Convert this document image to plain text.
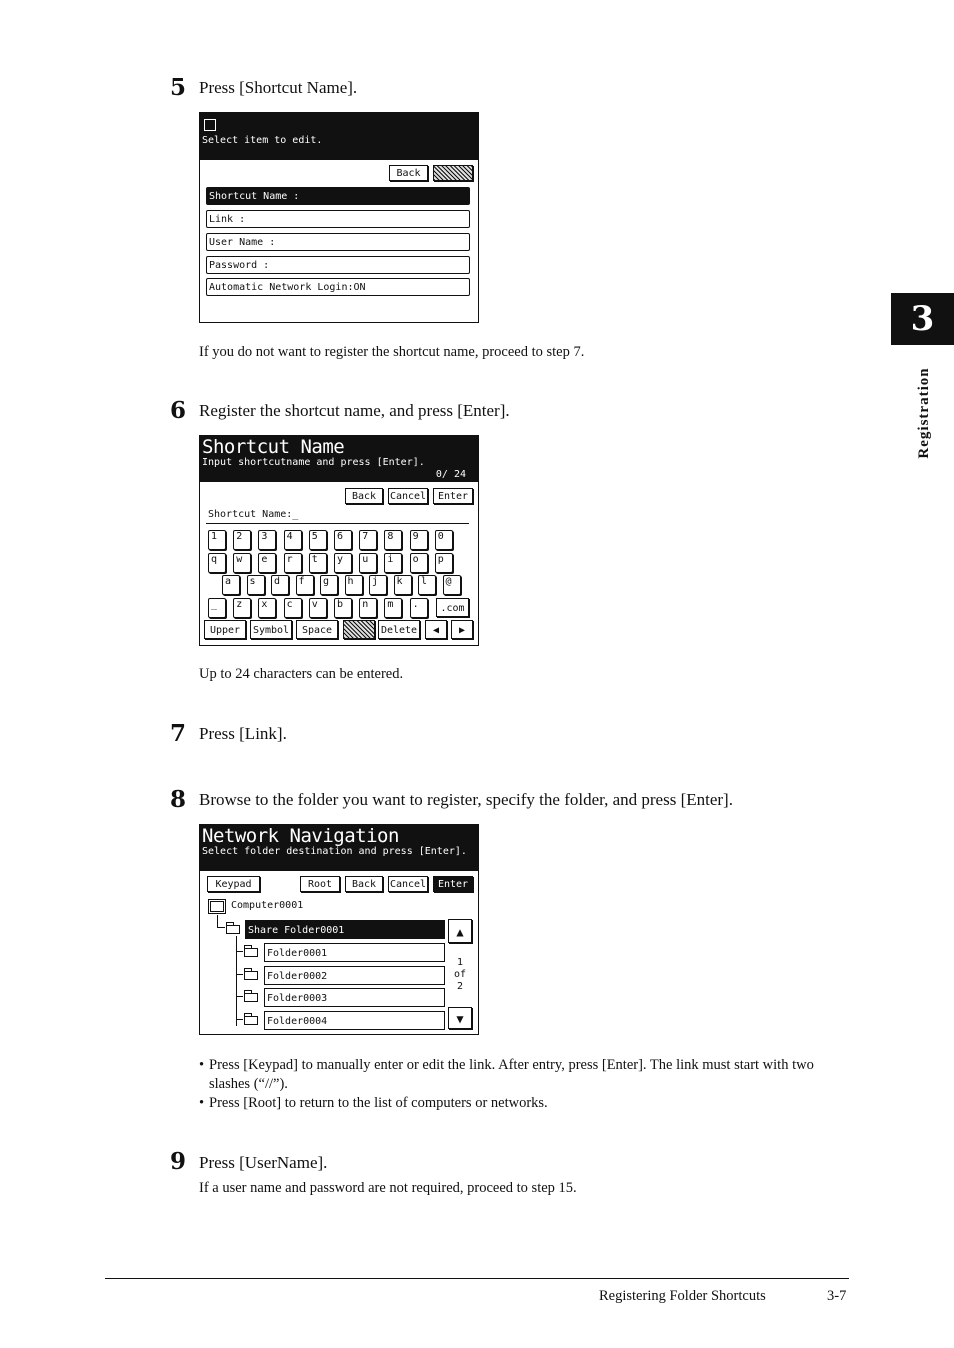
3
Registration
5 Press [Shortcut Name].
Select item to edit.
Back
Shortcut Name :
Link :
User Name :
Password :
Automatic Network Login:ON
If you do not want to register the shortcut name, proceed to step 7.
6 Register the shortcut name, and press [Enter].
Shortcut Name
Input shortcutname and press [Enter].
0/ 24
Back	Cancel	Enter
Shortcut Name:_
1	2	3	4	5	6	7	8	9	0
q	w	e	r	t	y	u	i	o	p
a	s	d	f	g	h	j	k	l	@
_	z	x	c	v	b	n	m	.	.com
Upper	Symbol	Space	Delete	◀	▶
Up to 24 characters can be entered.
7 Press [Link].
8 Browse to the folder you want to register, specify the folder, and press [Enter].
Network Navigation
Select folder destination and press [Enter].
Keypad	Root	Back	Cancel	Enter
Computer0001
Share Folder0001
Folder0001
Folder0002
Folder0003
Folder0004
▲
1
of
2
▼
• Press [Keypad] to manually enter or edit the link. After entry, press [Enter]. The link must start with two slashes (“//”).
• Press [Root] to return to the list of computers or networks.
9 Press [UserName].
If a user name and password are not required, proceed to step 15.
Registering Folder Shortcuts	3-7
